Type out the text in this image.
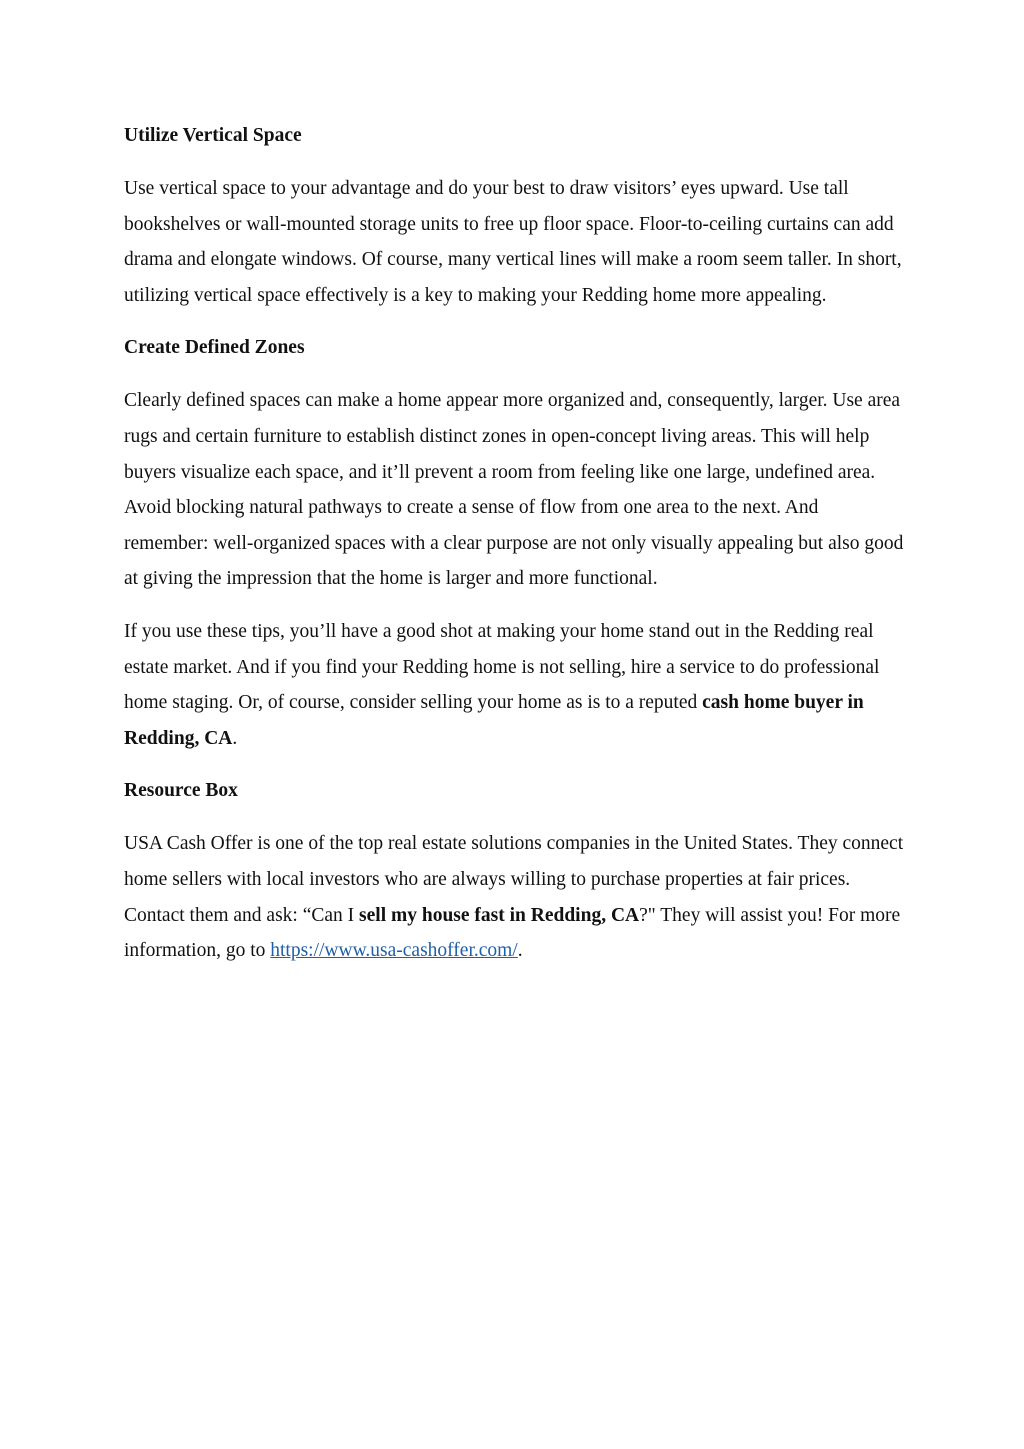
Utilize Vertical Space

Use vertical space to your advantage and do your best to draw visitors’ eyes upward. Use tall bookshelves or wall-mounted storage units to free up floor space. Floor-to-ceiling curtains can add drama and elongate windows. Of course, many vertical lines will make a room seem taller. In short, utilizing vertical space effectively is a key to making your Redding home more appealing.

Create Defined Zones

Clearly defined spaces can make a home appear more organized and, consequently, larger. Use area rugs and certain furniture to establish distinct zones in open-concept living areas. This will help buyers visualize each space, and it’ll prevent a room from feeling like one large, undefined area. Avoid blocking natural pathways to create a sense of flow from one area to the next. And remember: well-organized spaces with a clear purpose are not only visually appealing but also good at giving the impression that the home is larger and more functional.

If you use these tips, you’ll have a good shot at making your home stand out in the Redding real estate market. And if you find your Redding home is not selling, hire a service to do professional home staging. Or, of course, consider selling your home as is to a reputed cash home buyer in Redding, CA.

Resource Box

USA Cash Offer is one of the top real estate solutions companies in the United States. They connect home sellers with local investors who are always willing to purchase properties at fair prices. Contact them and ask: “Can I sell my house fast in Redding, CA?" They will assist you! For more information, go to https://www.usa-cashoffer.com/.
